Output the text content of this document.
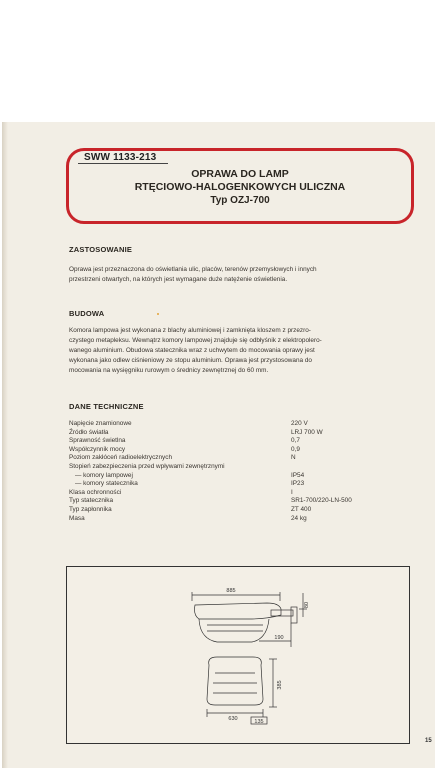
SWW 1133-213
OPRAWA DO LAMP
RTĘCIOWO-HALOGENKOWYCH ULICZNA
Typ OZJ-700
ZASTOSOWANIE
Oprawa jest przeznaczona do oświetlania ulic, placów, terenów przemysłowych i innych
przestrzeni otwartych, na których jest wymagane duże natężenie oświetlenia.
BUDOWA
Komora lampowa jest wykonana z blachy aluminiowej i zamknięta kloszem z przezro-
czystego metapleksu. Wewnątrz komory lampowej znajduje się odbłyśnik z elektropolero-
wanego aluminium. Obudowa statecznika wraz z uchwytem do mocowania oprawy jest
wykonana jako odlew ciśnieniowy ze stopu aluminium. Oprawa jest przystosowana do
mocowania na wysięgniku rurowym o średnicy zewnętrznej do 60 mm.
DANE TECHNICZNE
Napięcie znamionowe	220 V
Źródło światła	LRJ 700 W
Sprawność świetlna	0,7
Współczynnik mocy	0,9
Poziom zakłóceń radioelektrycznych	N
Stopień zabezpieczenia przed wpływami zewnętrznymi
— komory lampowej	IP54
— komory statecznika	IP23
Klasa ochronności	I
Typ statecznika	SR1-700/220-LN-500
Typ zapłonnika	ZT 400
Masa	24 kg
885
80
190
385
630	135
15
